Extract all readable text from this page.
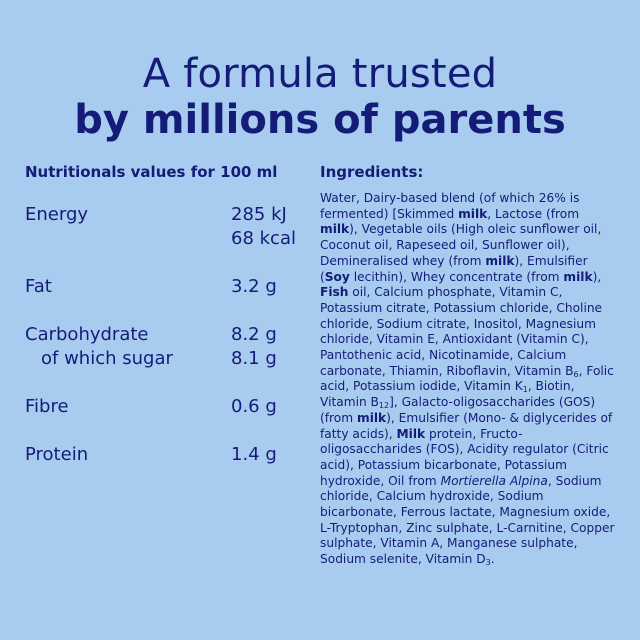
A formula trusted
by millions of parents
Nutritionals values for 100 ml
Energy	285 kJ
68 kcal
Fat	3.2 g
Carbohydrate	8.2 g
of which sugar	8.1 g
Fibre	0.6 g
Protein	1.4 g
Ingredients:
Water, Dairy-based blend (of which 26% is fermented) [Skimmed milk, Lactose (from milk), Vegetable oils (High oleic sunflower oil, Coconut oil, Rapeseed oil, Sunflower oil), Demineralised whey (from milk), Emulsifier (Soy lecithin), Whey concentrate (from milk), Fish oil, Calcium phosphate, Vitamin C, Potassium citrate, Potassium chloride, Choline chloride, Sodium citrate, Inositol, Magnesium chloride, Vitamin E, Antioxidant (Vitamin C), Pantothenic acid, Nicotinamide, Calcium carbonate, Thiamin, Riboflavin, Vitamin $B_6$, Folic acid, Potassium iodide, Vitamin $K_1$, Biotin, Vitamin $B_{12}$], Galacto-oligosaccharides (GOS) (from milk), Emulsifier (Mono- & diglycerides of fatty acids), Milk protein, Fructo-oligosaccharides (FOS), Acidity regulator (Citric acid), Potassium bicarbonate, Potassium hydroxide, Oil from Mortierella Alpina, Sodium chloride, Calcium hydroxide, Sodium bicarbonate, Ferrous lactate, Magnesium oxide, L-Tryptophan, Zinc sulphate, L-Carnitine, Copper sulphate, Vitamin A, Manganese sulphate, Sodium selenite, Vitamin $D_3$.
